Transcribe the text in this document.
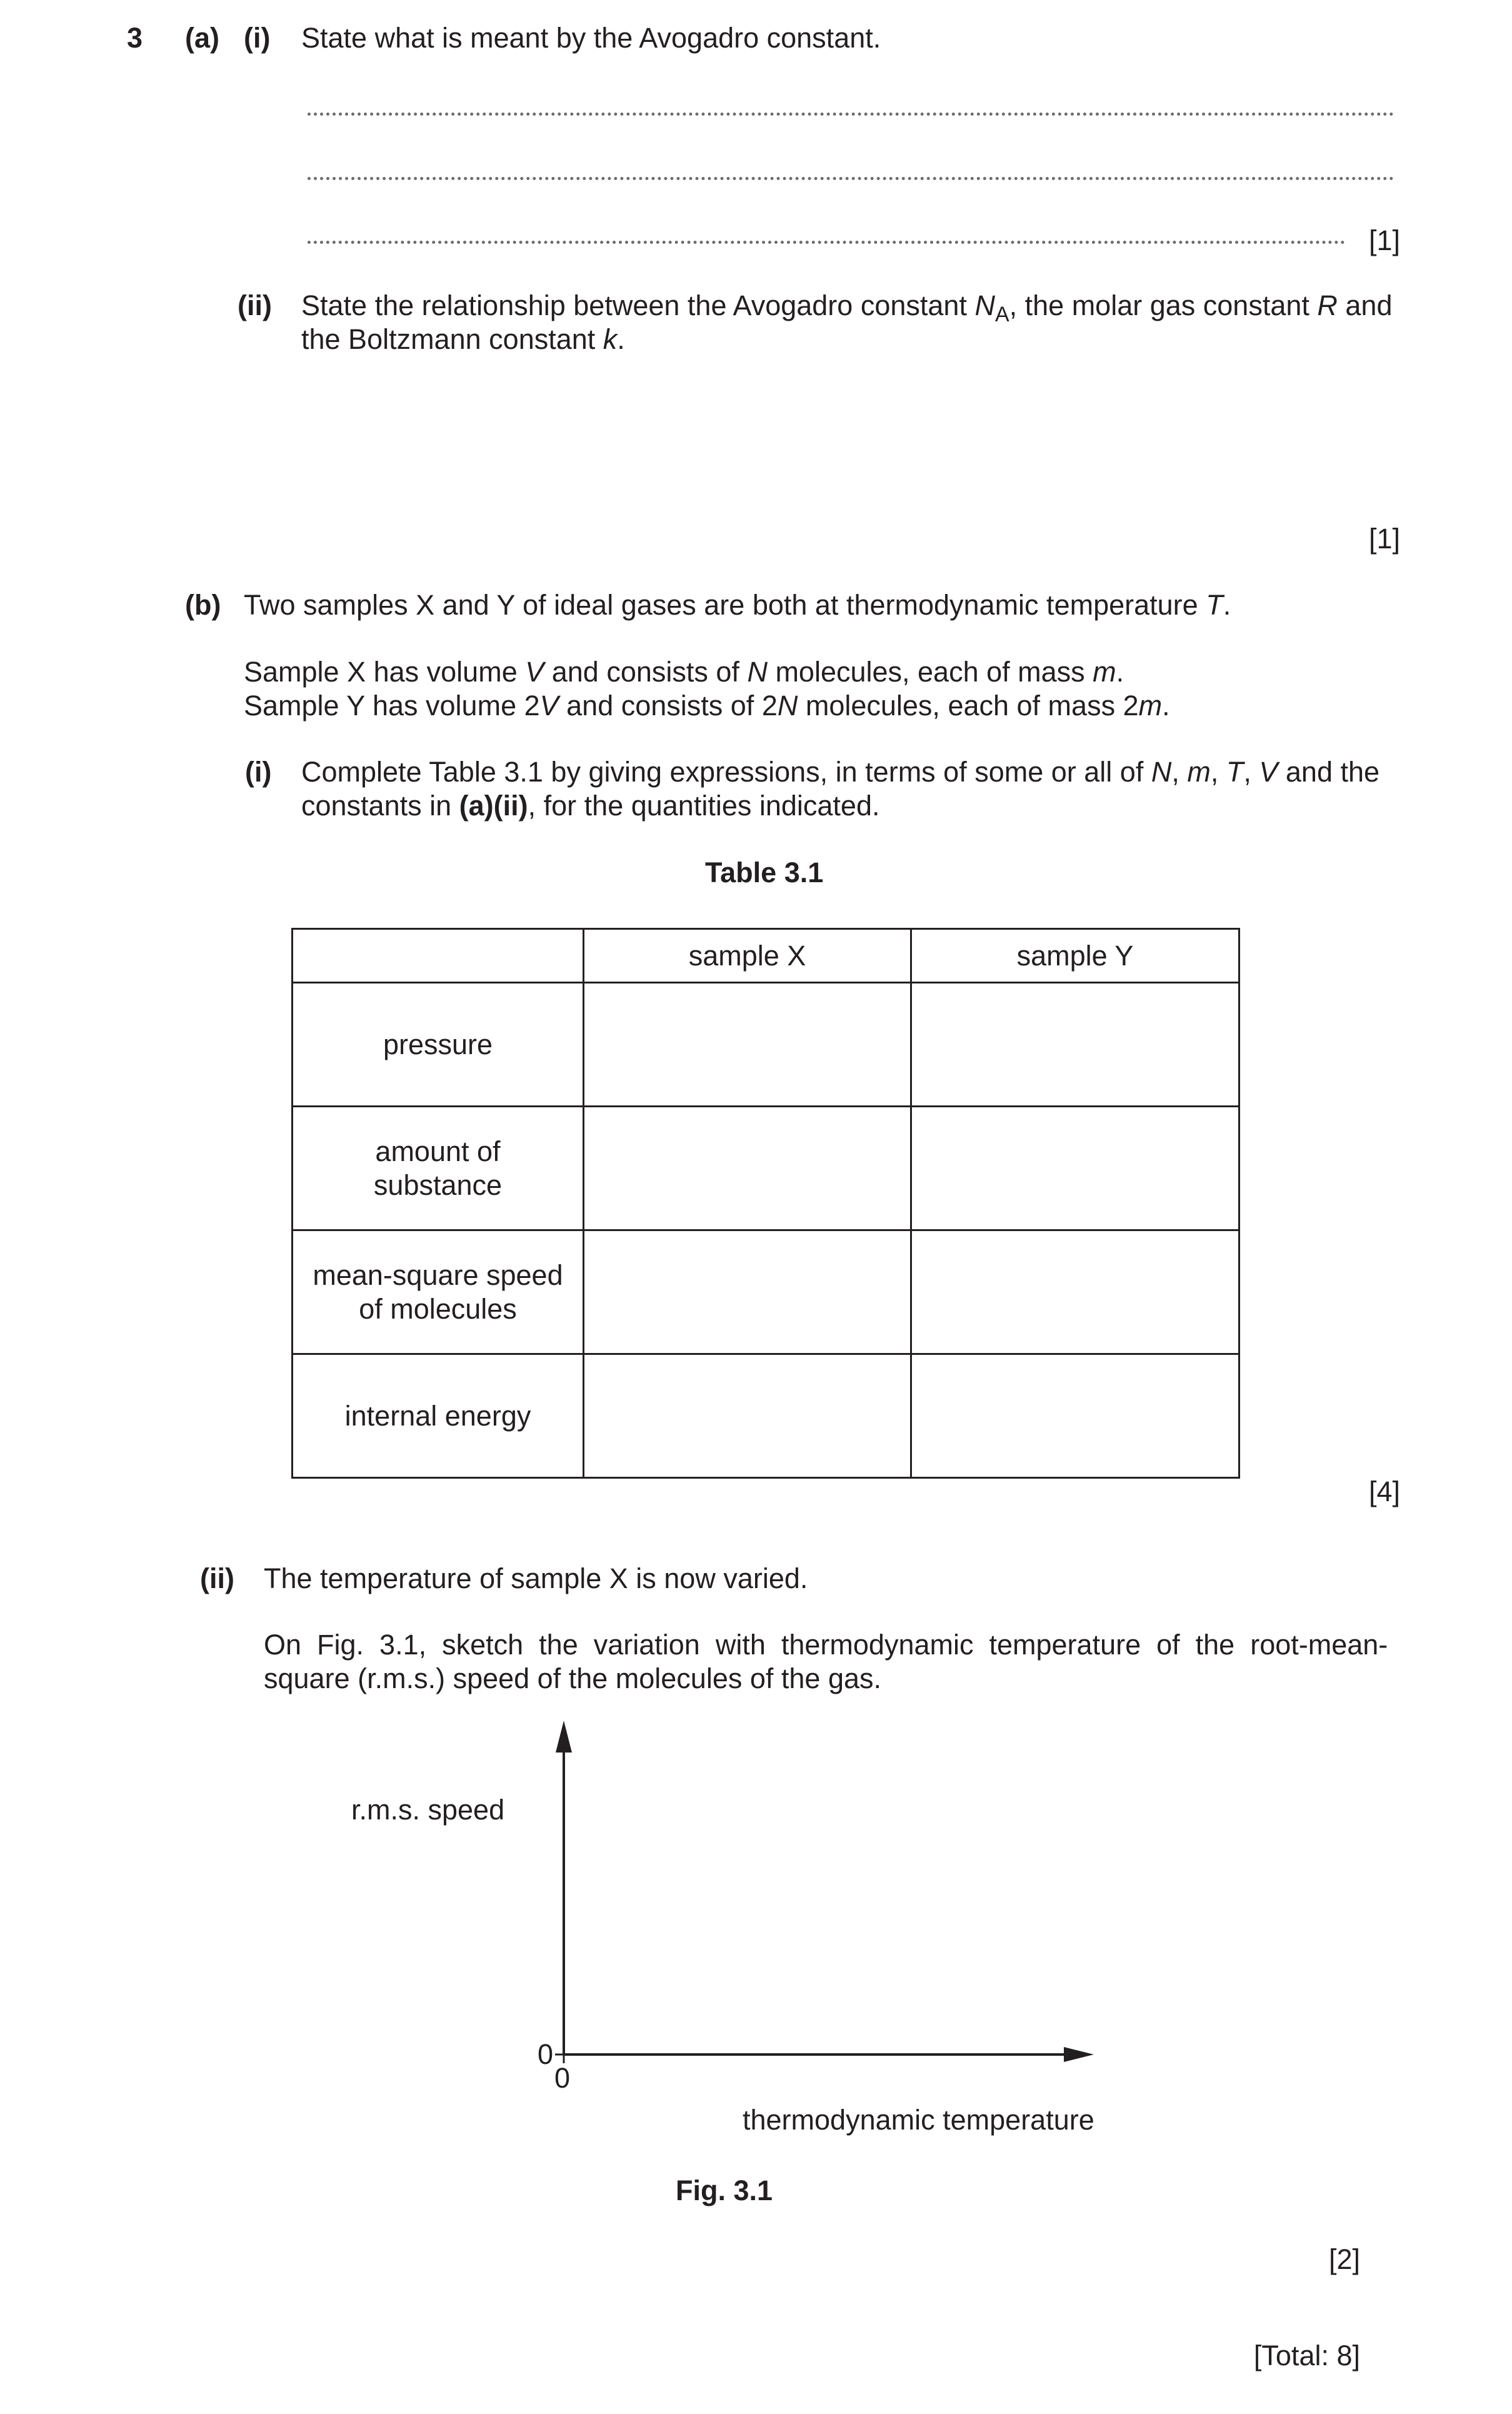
3 (a) (i) State what is meant by the Avogadro constant.
[1]
(ii) State the relationship between the Avogadro constant $N_A$, the molar gas constant R and
the Boltzmann constant k.
[1]
(b) Two samples X and Y of ideal gases are both at thermodynamic temperature T.
Sample X has volume V and consists of N molecules, each of mass m.
Sample Y has volume 2V and consists of 2N molecules, each of mass 2m.
(i) Complete Table 3.1 by giving expressions, in terms of some or all of N, m, T, V and the
constants in (a)(ii), for the quantities indicated.
Table 3.1
	sample X	sample Y
pressure		
amount of
substance		
mean-square speed
of molecules		
internal energy		
[4]
(ii) The temperature of sample X is now varied.
On  Fig.  3.1,  sketch  the  variation  with  thermodynamic  temperature  of  the  root-mean-
square (r.m.s.) speed of the molecules of the gas.
r.m.s. speed
0
0
thermodynamic temperature
Fig. 3.1
[2]
[Total: 8]
